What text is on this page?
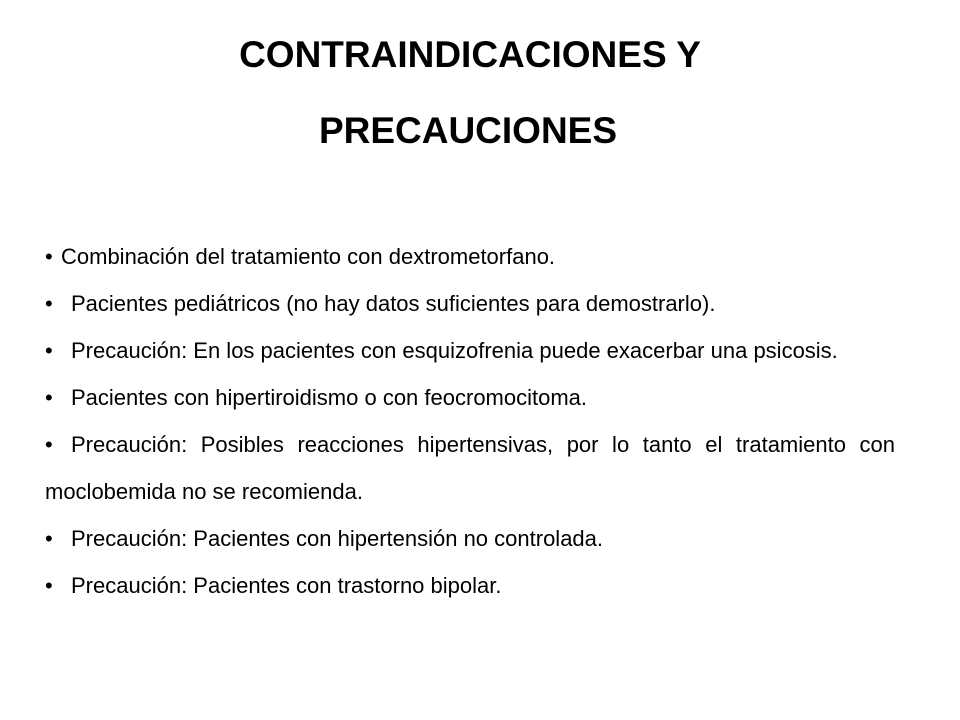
CONTRAINDICACIONES Y
PRECAUCIONES
• Combinación del tratamiento con dextrometorfano.
• Pacientes pediátricos (no hay datos suficientes para demostrarlo).
• Precaución: En los pacientes con esquizofrenia puede exacerbar una psicosis.
• Pacientes con hipertiroidismo o con feocromocitoma.
• Precaución: Posibles reacciones hipertensivas, por lo tanto el tratamiento con moclobemida no se recomienda.
• Precaución: Pacientes con hipertensión no controlada.
• Precaución: Pacientes con trastorno bipolar.
